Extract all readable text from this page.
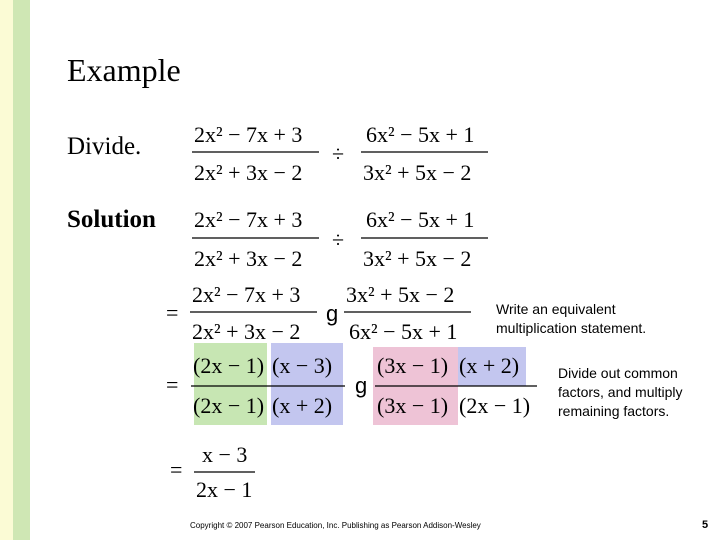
Example
Divide.
Solution
2x² − 7x + 3
2x² + 3x − 2
÷
6x² − 5x + 1
3x² + 5x − 2
2x² − 7x + 3
2x² + 3x − 2
÷
6x² − 5x + 1
3x² + 5x − 2
=
2x² − 7x + 3
2x² + 3x − 2
g
3x² + 5x − 2
6x² − 5x + 1
=
(2x − 1) (x − 3)
(2x − 1) (x + 2)
g
(3x − 1) (x + 2)
(3x − 1) (2x − 1)
=
x − 3
2x − 1
Write an equivalent multiplication statement.
Divide out common factors, and multiply remaining factors.
Copyright © 2007 Pearson Education, Inc. Publishing as Pearson Addison-Wesley	5
